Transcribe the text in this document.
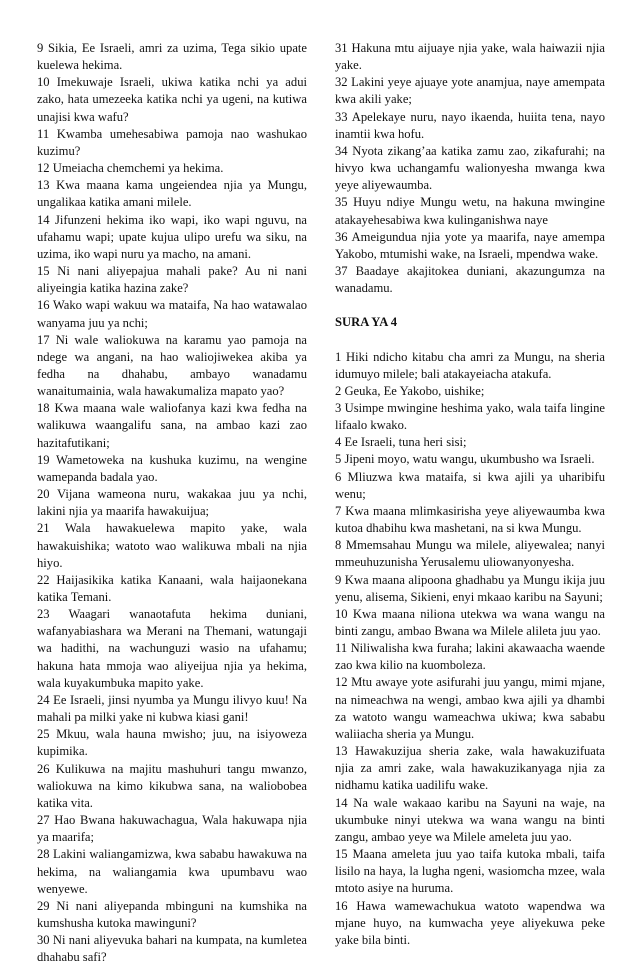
9 Sikia, Ee Israeli, amri za uzima, Tega sikio upate kuelewa hekima.

10 Imekuwaje Israeli, ukiwa katika nchi ya adui zako, hata umezeeka katika nchi ya ugeni, na kutiwa unajisi kwa wafu?

11 Kwamba umehesabiwa pamoja nao washukao kuzimu?

12 Umeiacha chemchemi ya hekima.

13 Kwa maana kama ungeiendea njia ya Mungu, ungalikaa katika amani milele.

14 Jifunzeni hekima iko wapi, iko wapi nguvu, na ufahamu wapi; upate kujua ulipo urefu wa siku, na uzima, iko wapi nuru ya macho, na amani.

15 Ni nani aliyepajua mahali pake? Au ni nani aliyeingia katika hazina zake?

16 Wako wapi wakuu wa mataifa, Na hao watawalao wanyama juu ya nchi;

17 Ni wale waliokuwa na karamu yao pamoja na ndege wa angani, na hao waliojiwekea akiba ya fedha na dhahabu, ambayo wanadamu wanaitumainia, wala hawakumaliza mapato yao?

18 Kwa maana wale waliofanya kazi kwa fedha na walikuwa waangalifu sana, na ambao kazi zao hazitafutikani;

19 Wametoweka na kushuka kuzimu, na wengine wamepanda badala yao.

20 Vijana wameona nuru, wakakaa juu ya nchi, lakini njia ya maarifa hawakuijua;

21 Wala hawakuelewa mapito yake, wala hawakuishika; watoto wao walikuwa mbali na njia hiyo.

22 Haijasikika katika Kanaani, wala haijaonekana katika Temani.

23 Waagari wanaotafuta hekima duniani, wafanyabiashara wa Merani na Themani, watungaji wa hadithi, na wachunguzi wasio na ufahamu; hakuna hata mmoja wao aliyeijua njia ya hekima, wala kuyakumbuka mapito yake.

24 Ee Israeli, jinsi nyumba ya Mungu ilivyo kuu! Na mahali pa milki yake ni kubwa kiasi gani!

25 Mkuu, wala hauna mwisho; juu, na isiyoweza kupimika.

26 Kulikuwa na majitu mashuhuri tangu mwanzo, waliokuwa na kimo kikubwa sana, na waliobobea katika vita.

27 Hao Bwana hakuwachagua, Wala hakuwapa njia ya maarifa;

28 Lakini waliangamizwa, kwa sababu hawakuwa na hekima, na waliangamia kwa upumbavu wao wenyewe.

29 Ni nani aliyepanda mbinguni na kumshika na kumshusha kutoka mawinguni?

30 Ni nani aliyevuka bahari na kumpata, na kumletea dhahabu safi?

31 Hakuna mtu aijuaye njia yake, wala haiwazii njia yake.

32 Lakini yeye ajuaye yote anamjua, naye amempata kwa akili yake;

33 Apelekaye nuru, nayo ikaenda, huiita tena, nayo inamtii kwa hofu.

34 Nyota zikang’aa katika zamu zao, zikafurahi; na hivyo kwa uchangamfu walionyesha mwanga kwa yeye aliyewaumba.

35 Huyu ndiye Mungu wetu, na hakuna mwingine atakayehesabiwa kwa kulinganishwa naye

36 Ameigundua njia yote ya maarifa, naye amempa Yakobo, mtumishi wake, na Israeli, mpendwa wake.

37 Baadaye akajitokea duniani, akazungumza na wanadamu.

SURA YA 4

1 Hiki ndicho kitabu cha amri za Mungu, na sheria idumuyo milele; bali atakayeiacha atakufa.

2 Geuka, Ee Yakobo, uishike;

3 Usimpe mwingine heshima yako, wala taifa lingine lifaalo kwako.

4 Ee Israeli, tuna heri sisi;

5 Jipeni moyo, watu wangu, ukumbusho wa Israeli.

6 Mliuzwa kwa mataifa, si kwa ajili ya uharibifu wenu;

7 Kwa maana mlimkasirisha yeye aliyewaumba kwa kutoa dhabihu kwa mashetani, na si kwa Mungu.

8 Mmemsahau Mungu wa milele, aliyewalea; nanyi mmeuhuzunisha Yerusalemu uliowanyonyesha.

9 Kwa maana alipoona ghadhabu ya Mungu ikija juu yenu, alisema, Sikieni, enyi mkaao karibu na Sayuni;

10 Kwa maana niliona utekwa wa wana wangu na binti zangu, ambao Bwana wa Milele aliletа juu yao.

11 Niliwalisha kwa furaha; lakini akawaacha waende zao kwa kilio na kuomboleza.

12 Mtu awaye yote asifurahi juu yangu, mimi mjane, na nimeachwa na wengi, ambao kwa ajili ya dhambi za watoto wangu wameachwa ukiwa; kwa sababu waliiacha sheria ya Mungu.

13 Hawakuzijua sheria zake, wala hawakuzifuata njia za amri zake, wala hawakuzikanyaga njia za nidhamu katika uadilifu wake.

14 Na wale wakaao karibu na Sayuni na waje, na ukumbuke ninyi utekwa wa wana wangu na binti zangu, ambao yeye wa Milele ameleta juu yao.

15 Maana ameleta juu yao taifa kutoka mbali, taifa lisilo na haya, la lugha ngeni, wasiomcha mzee, wala mtoto asiye na huruma.

16 Hawa wamewachukua watoto wapendwa wa mjane huyo, na kumwacha yeye aliyekuwa peke yake bila binti.
